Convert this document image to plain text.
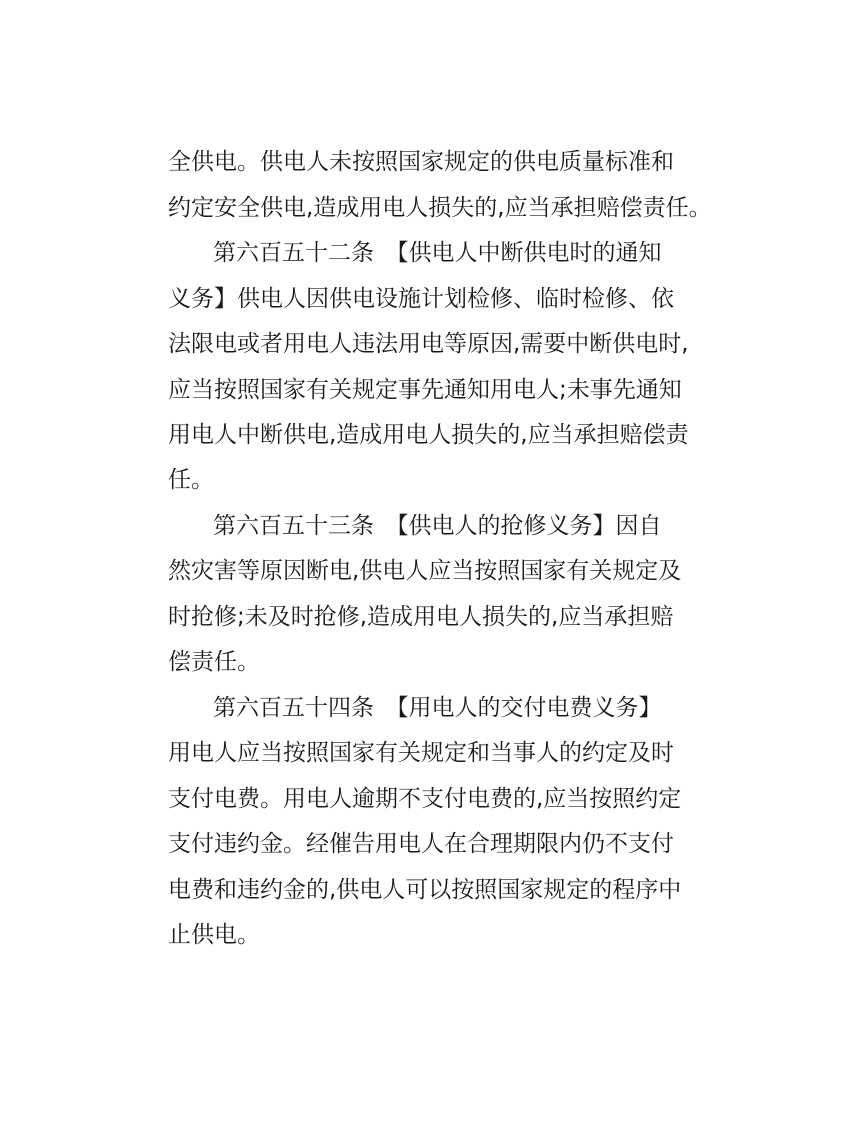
全供电。供电人未按照国家规定的供电质量标准和
约定安全供电,造成用电人损失的,应当承担赔偿责任。
第六百五十二条　【供电人中断供电时的通知
义务】供电人因供电设施计划检修、临时检修、依
法限电或者用电人违法用电等原因,需要中断供电时,
应当按照国家有关规定事先通知用电人;未事先通知
用电人中断供电,造成用电人损失的,应当承担赔偿责
任。
第六百五十三条　【供电人的抢修义务】因自
然灾害等原因断电,供电人应当按照国家有关规定及
时抢修;未及时抢修,造成用电人损失的,应当承担赔
偿责任。
第六百五十四条　【用电人的交付电费义务】
用电人应当按照国家有关规定和当事人的约定及时
支付电费。用电人逾期不支付电费的,应当按照约定
支付违约金。经催告用电人在合理期限内仍不支付
电费和违约金的,供电人可以按照国家规定的程序中
止供电。
